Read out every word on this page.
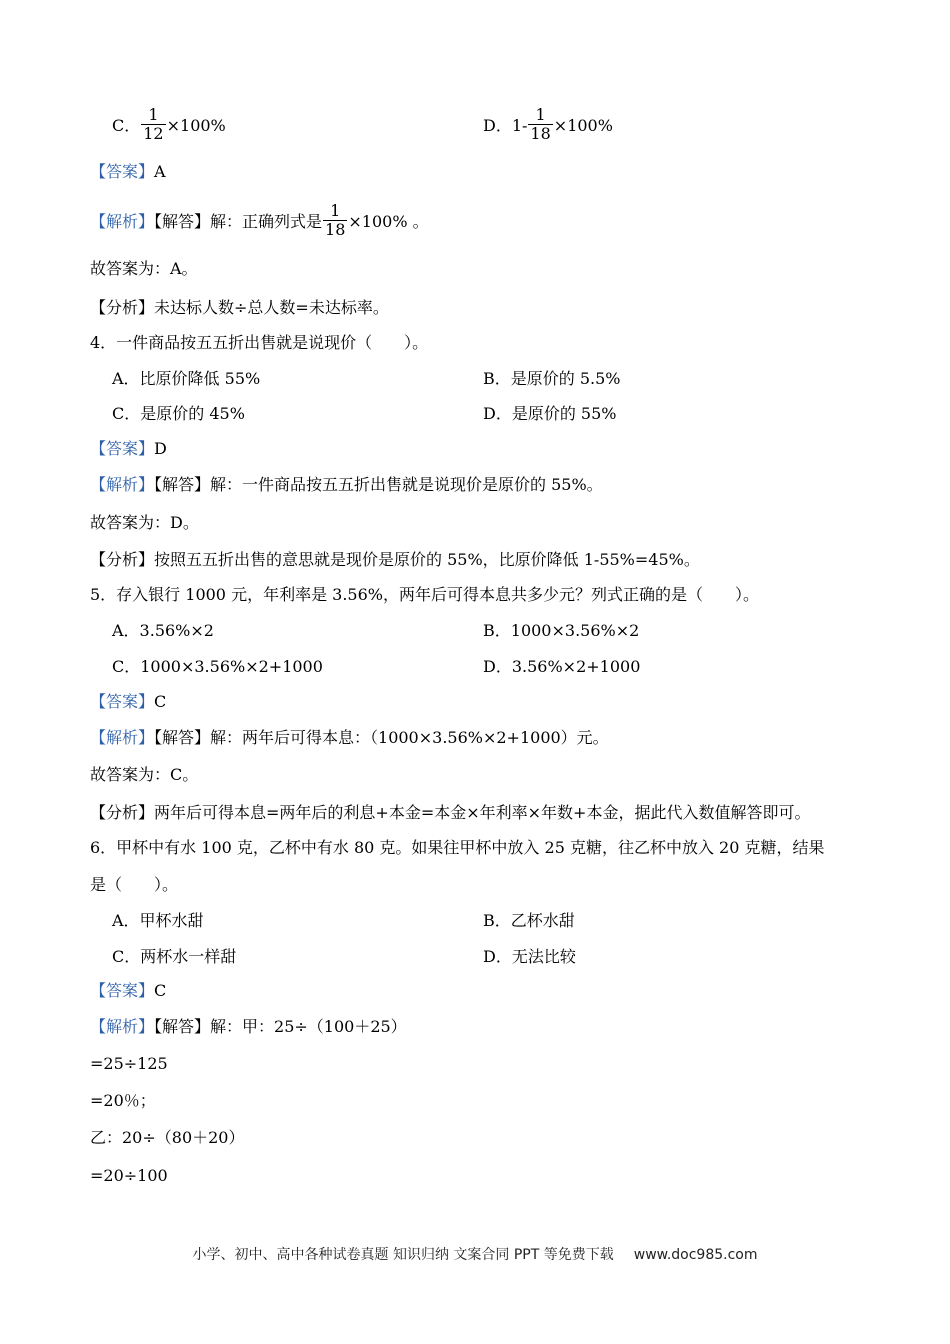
C． $\frac{1}{12} \times 100\%$	D．$1- \frac{1}{18} \times 100\%$
【答案】A
【解析】【解答】解：正确列式是 $\frac{1}{18} \times 100\%$ 。
故答案为：A。
【分析】未达标人数÷总人数=未达标率。
4．一件商品按五五折出售就是说现价（　　）。
A．比原价降低 55%	B．是原价的 5.5%
C．是原价的 45%	D．是原价的 55%
【答案】D
【解析】【解答】解：一件商品按五五折出售就是说现价是原价的 55%。
故答案为：D。
【分析】按照五五折出售的意思就是现价是原价的 55%，比原价降低 1-55%=45%。
5．存入银行 1000 元，年利率是 3.56%，两年后可得本息共多少元？列式正确的是（　　）。
A．3.56%×2	B．1000×3.56%×2
C．1000×3.56%×2+1000	D．3.56%×2+1000
【答案】C
【解析】【解答】解：两年后可得本息：（1000×3.56%×2+1000）元。
故答案为：C。
【分析】两年后可得本息=两年后的利息+本金=本金×年利率×年数+本金，据此代入数值解答即可。
6．甲杯中有水 100 克，乙杯中有水 80 克。如果往甲杯中放入 25 克糖，往乙杯中放入 20 克糖，结果
是（　　）。
A．甲杯水甜	B．乙杯水甜
C．两杯水一样甜	D．无法比较
【答案】C
【解析】【解答】解：甲：25÷（100＋25）
=25÷125
=20％；
乙：20÷（80＋20）
=20÷100
小学、初中、高中各种试卷真题 知识归纳 文案合同 PPT 等免费下载 www.doc985.com
